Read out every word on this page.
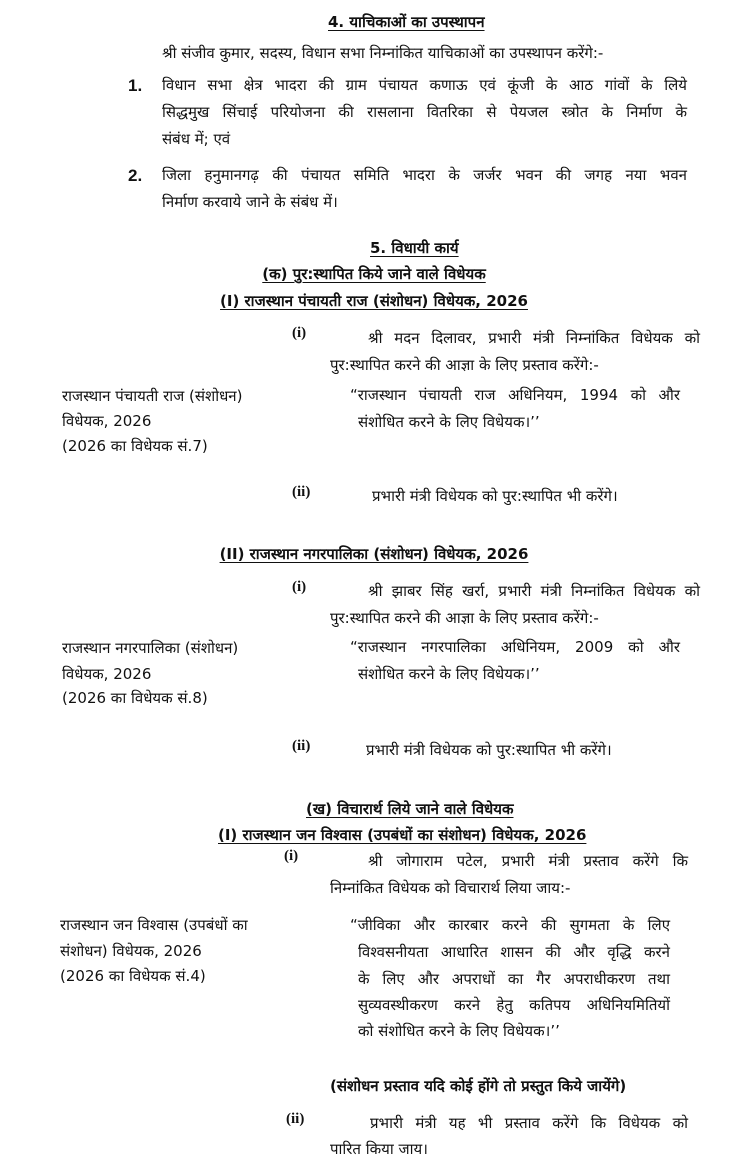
4. याचिकाओं का उपस्थापन
श्री संजीव कुमार, सदस्य, विधान सभा निम्नांकित याचिकाओं का उपस्थापन करेंगे:-
1. विधान सभा क्षेत्र भादरा की ग्राम पंचायत कणाऊ एवं कूंजी के आठ गांवों के लिये
सिद्धमुख सिंचाई परियोजना की रासलाना वितरिका से पेयजल स्त्रोत के निर्माण के
संबंध में; एवं
2. जिला हनुमानगढ़ की पंचायत समिति भादरा के जर्जर भवन की जगह नया भवन
निर्माण करवाये जाने के संबंध में।
5. विधायी कार्य
(क) पुर:स्थापित किये जाने वाले विधेयक
(I) राजस्थान पंचायती राज (संशोधन) विधेयक, 2026
(i)	श्री मदन दिलावर, प्रभारी मंत्री निम्नांकित विधेयक को
पुर:स्थापित करने की आज्ञा के लिए प्रस्ताव करेंगे:-
राजस्थान पंचायती राज (संशोधन)
विधेयक, 2026
(2026 का विधेयक सं.7)
“राजस्थान पंचायती राज अधिनियम, 1994 को और
संशोधित करने के लिए विधेयक।’’
(ii)	प्रभारी मंत्री विधेयक को पुर:स्थापित भी करेंगे।
(II) राजस्थान नगरपालिका (संशोधन) विधेयक, 2026
(i)	श्री झाबर सिंह खर्रा, प्रभारी मंत्री निम्नांकित विधेयक को
पुर:स्थापित करने की आज्ञा के लिए प्रस्ताव करेंगे:-
राजस्थान नगरपालिका (संशोधन)
विधेयक, 2026
(2026 का विधेयक सं.8)
“राजस्थान नगरपालिका अधिनियम, 2009 को और
संशोधित करने के लिए विधेयक।’’
(ii)	प्रभारी मंत्री विधेयक को पुर:स्थापित भी करेंगे।
(ख) विचारार्थ लिये जाने वाले विधेयक
(I) राजस्थान जन विश्वास (उपबंधों का संशोधन) विधेयक, 2026
(i)	श्री जोगाराम पटेल, प्रभारी मंत्री प्रस्ताव करेंगे कि
निम्नांकित विधेयक को विचारार्थ लिया जाय:-
राजस्थान जन विश्वास (उपबंधों का
संशोधन) विधेयक, 2026
(2026 का विधेयक सं.4)
“जीविका और कारबार करने की सुगमता के लिए
विश्वसनीयता आधारित शासन की और वृद्धि करने
के लिए और अपराधों का गैर अपराधीकरण तथा
सुव्यवस्थीकरण करने हेतु कतिपय अधिनियमितियों
को संशोधित करने के लिए विधेयक।’’
(संशोधन प्रस्ताव यदि कोई होंगे तो प्रस्तुत किये जायेंगे)
(ii)	प्रभारी मंत्री यह भी प्रस्ताव करेंगे कि विधेयक को
पारित किया जाय।
